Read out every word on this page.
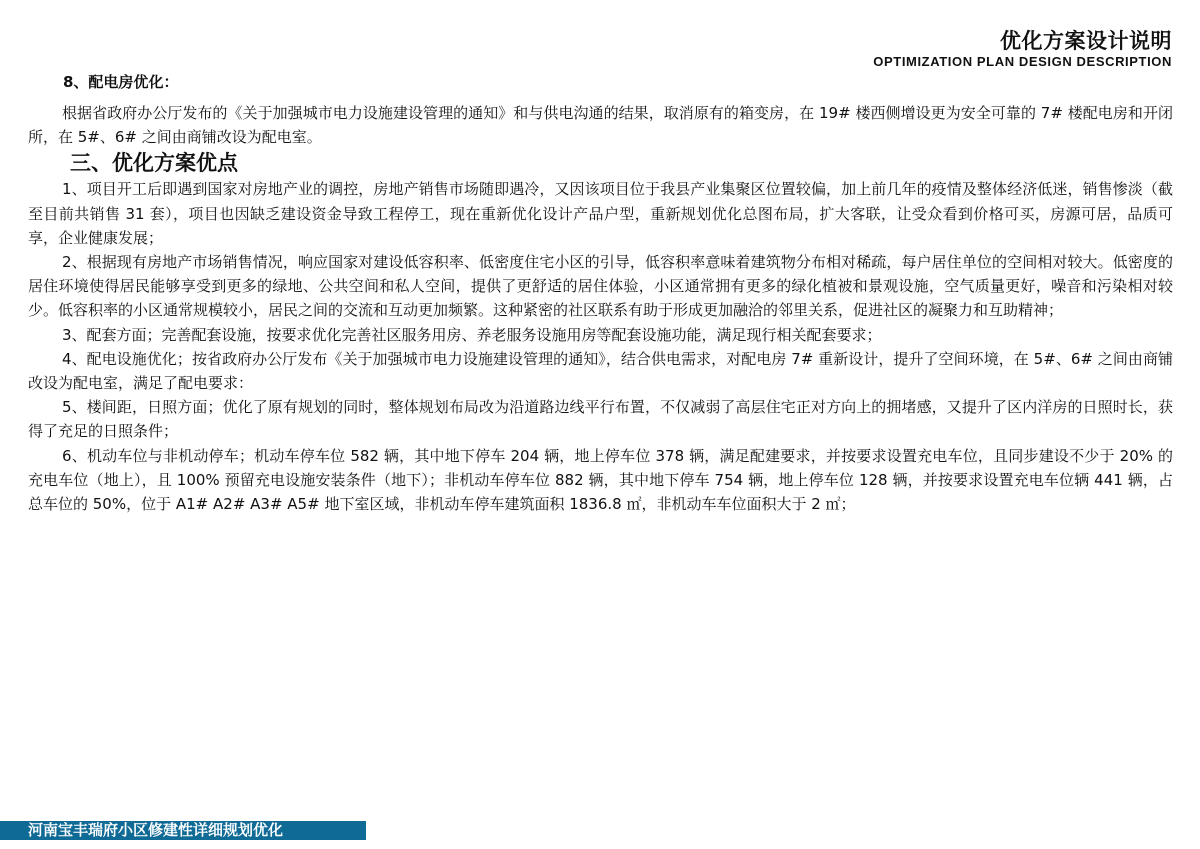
优化方案设计说明
OPTIMIZATION PLAN DESIGN DESCRIPTION
8、配电房优化：

根据省政府办公厅发布的《关于加强城市电力设施建设管理的通知》和与供电沟通的结果，取消原有的箱变房，在 19# 楼西侧增设更为安全可靠的 7# 楼配电房和开闭所，在 5#、6# 之间由商铺改设为配电室。

三、优化方案优点

1、项目开工后即遇到国家对房地产业的调控，房地产销售市场随即遇冷，又因该项目位于我县产业集聚区位置较偏，加上前几年的疫情及整体经济低迷，销售惨淡（截至目前共销售 31 套），项目也因缺乏建设资金导致工程停工，现在重新优化设计产品户型，重新规划优化总图布局，扩大客联，让受众看到价格可买，房源可居，品质可享，企业健康发展；

2、根据现有房地产市场销售情况，响应国家对建设低容积率、低密度住宅小区的引导，低容积率意味着建筑物分布相对稀疏，每户居住单位的空间相对较大。低密度的居住环境使得居民能够享受到更多的绿地、公共空间和私人空间，提供了更舒适的居住体验，小区通常拥有更多的绿化植被和景观设施，空气质量更好，噪音和污染相对较少。低容积率的小区通常规模较小，居民之间的交流和互动更加频繁。这种紧密的社区联系有助于形成更加融洽的邻里关系，促进社区的凝聚力和互助精神；

3、配套方面；完善配套设施，按要求优化完善社区服务用房、养老服务设施用房等配套设施功能，满足现行相关配套要求；

4、配电设施优化；按省政府办公厅发布《关于加强城市电力设施建设管理的通知》，结合供电需求，对配电房 7# 重新设计，提升了空间环境，在 5#、6# 之间由商铺改设为配电室，满足了配电要求：

5、楼间距，日照方面；优化了原有规划的同时，整体规划布局改为沿道路边线平行布置，不仅减弱了高层住宅正对方向上的拥堵感，又提升了区内洋房的日照时长，获得了充足的日照条件；

6、机动车位与非机动停车；机动车停车位 582 辆，其中地下停车 204 辆，地上停车位 378 辆，满足配建要求，并按要求设置充电车位，且同步建设不少于 20% 的充电车位（地上），且 100% 预留充电设施安装条件（地下）；非机动车停车位 882 辆，其中地下停车 754 辆，地上停车位 128 辆，并按要求设置充电车位辆 441 辆，占总车位的 50%，位于 A1# A2# A3# A5# 地下室区域，非机动车停车建筑面积 1836.8 ㎡，非机动车车位面积大于 2 ㎡；

河南宝丰瑞府小区修建性详细规划优化
